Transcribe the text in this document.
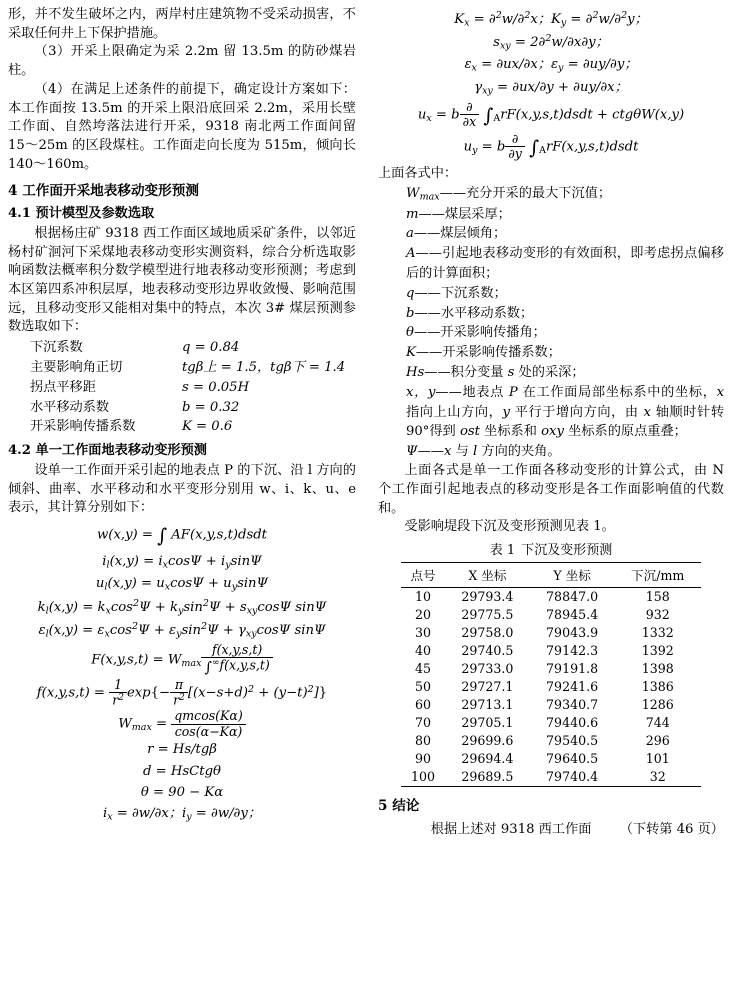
形，并不发生破坏之内，两岸村庄建筑物不受采动损害，不采取任何井上下保护措施。

（3）开采上限确定为采 2.2m 留 13.5m 的防砂煤岩柱。

（4）在满足上述条件的前提下，确定设计方案如下：本工作面按 13.5m 的开采上限沿底回采 2.2m，采用长壁工作面、自然垮落法进行开采，9318 南北两工作面间留 15～25m 的区段煤柱。工作面走向长度为 515m，倾向长 140～160m。

4 工作面开采地表移动变形预测
4.1 预计模型及参数选取

根据杨庄矿 9318 西工作面区域地质采矿条件，以邻近杨村矿洄河下采煤地表移动变形实测资料，综合分析选取影响函数法概率积分数学模型进行地表移动变形预测；考虑到本区第四系冲积层厚，地表移动变形边界收敛慢、影响范围远，且移动变形又能相对集中的特点，本次 3# 煤层预测参数选取如下：

下沉系数	q = 0.84
主要影响角正切	tgβ上 = 1.5，tgβ下 = 1.4
拐点平移距	s = 0.05H
水平移动系数	b = 0.32
开采影响传播系数	K = 0.6
4.2 单一工作面地表移动变形预测

设单一工作面开采引起的地表点 P 的下沉、沿 l 方向的倾斜、曲率、水平移动和水平变形分别用 w、i、k、u、e 表示，其计算分别如下：

w(x,y) = ∫ AF(x,y,s,t)dsdt
$i_l(x,y) = i_x\cos\Psi + i_y\sin\Psi$
$u_l(x,y) = u_x\cos\Psi + u_y\sin\Psi$
$k_l(x,y) = k_x\cos^2\Psi + k_y\sin^2\Psi + s_{xy}\cos\Psi$ sinΨ
$\varepsilon_l(x,y) = \varepsilon_x\cos^2\Psi + \varepsilon_y\sin^2\Psi + \gamma_{xy}\cos\Psi$ sinΨ
$F(x,y,s,t) = W_{max} \frac{f(x,y,s,t)}{\int^\infty f(x,y,s,t)}$
$f(x,y,s,t) = \frac{1}{r^2} \exp\{- \frac{\pi}{r^2} [(x-s+d)^2 + (y-t)^2]\}$
$W_{max} = \frac{qmcos(K\alpha)}{\cos(\alpha-K\alpha)}$
r = Hs/tgβ
d = HsCtgθ
θ = 90 − Kα
$i_x = \partial w/\partial x$；$i_y = \partial w/\partial y$；
$K_x = \partial^2w/\partial^2x$；$K_y = \partial^2w/\partial^2y$；
$s_{xy} = 2\partial^2w/\partial x\partial y$；
$\varepsilon_x = \partial ux/\partial x$；$\varepsilon_y = \partial uy/\partial y$；
$\gamma_{xy} = \partial ux/\partial y + \partial uy/\partial x$；
$u_x = b \frac{\partial}{\partial x}$ $\int_ArF(x,y,s,t)dsdt + ctg\theta W(x,y)$
$u_y = b \frac{\partial}{\partial y}$ $\int_ArF(x,y,s,t)dsdt$

上面各式中：

$W_{max}——$充分开采的最大下沉值；
m——煤层采厚；
a——煤层倾角；
A——引起地表移动变形的有效面积，即考虑拐点偏移后的计算面积；
q——下沉系数；
b——水平移动系数；
θ——开采影响传播角；
K——开采影响传播系数；
Hs——积分变量 s 处的采深；
x，y——地表点 P 在工作面局部坐标系中的坐标，x 指向上山方向，y 平行于增向方向，由 x 轴顺时针转 90°得到 ost 坐标系和 oxy 坐标系的原点重叠；
Ψ——x 与 l 方向的夹角。

上面各式是单一工作面各移动变形的计算公式，由 N 个工作面引起地表点的移动变形是各工作面影响值的代数和。

受影响堤段下沉及变形预测见表 1。

表 1 下沉及变形预测
点号	X 坐标	Y 坐标	下沉/mm
10	29793.4	78847.0	158
20	29775.5	78945.4	932
30	29758.0	79043.9	1332
40	29740.5	79142.3	1392
45	29733.0	79191.8	1398
50	29727.1	79241.6	1386
60	29713.1	79340.7	1286
70	29705.1	79440.6	744
80	29699.6	79540.5	296
90	29694.4	79640.5	101
100	29689.5	79740.4	32
5 结论
根据上述对 9318 西工作面 （下转第 46 页）
